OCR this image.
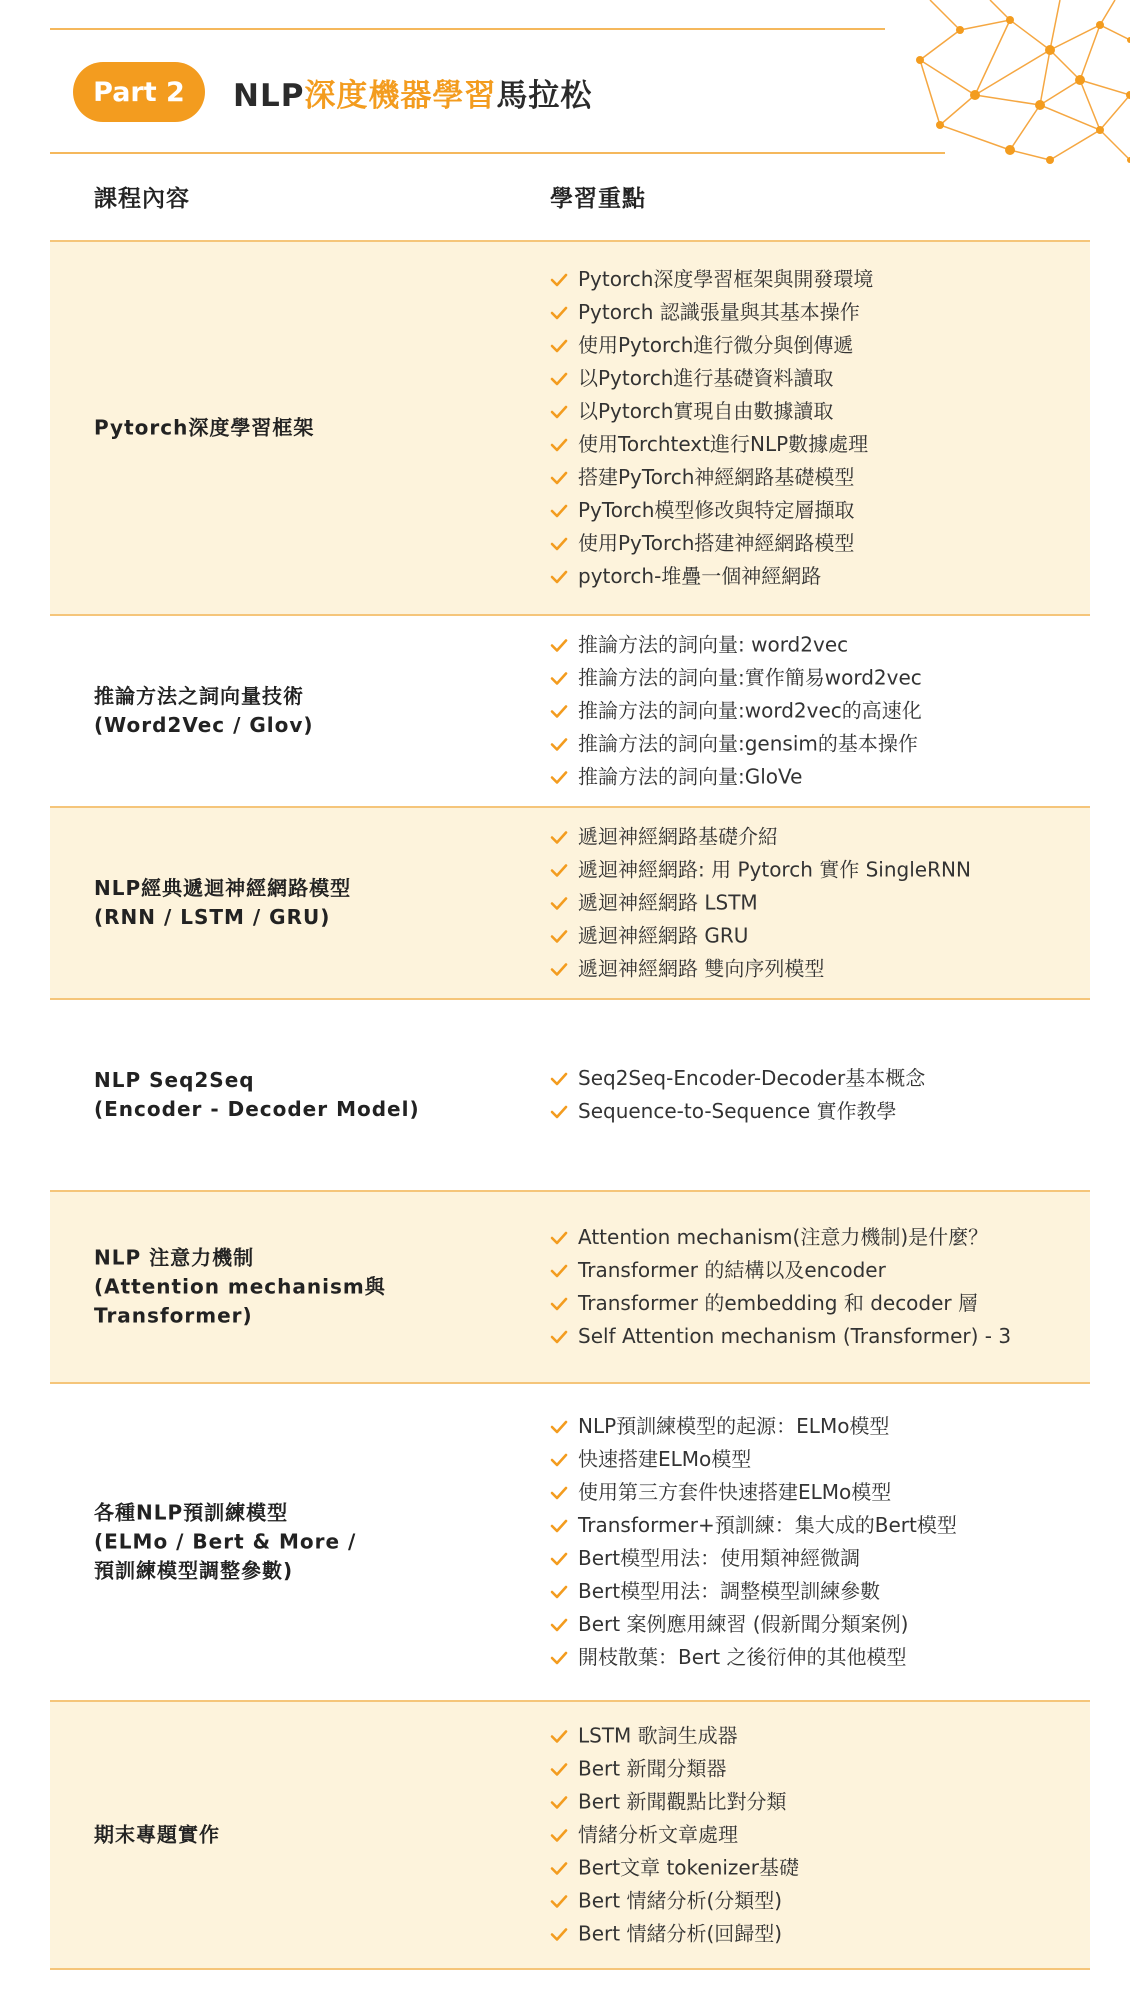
Part 2	NLP深度機器學習馬拉松
課程內容	學習重點
Pytorch深度學習框架
Pytorch深度學習框架與開發環境
Pytorch 認識張量與其基本操作
使用Pytorch進行微分與倒傳遞
以Pytorch進行基礎資料讀取
以Pytorch實現自由數據讀取
使用Torchtext進行NLP數據處理
搭建PyTorch神經網路基礎模型
PyTorch模型修改與特定層擷取
使用PyTorch搭建神經網路模型
pytorch-堆疊一個神經網路
推論方法之詞向量技術
(Word2Vec / Glov)
推論方法的詞向量: word2vec
推論方法的詞向量:實作簡易word2vec
推論方法的詞向量:word2vec的高速化
推論方法的詞向量:gensim的基本操作
推論方法的詞向量:GloVe
NLP經典遞迴神經網路模型
(RNN / LSTM / GRU)
遞迴神經網路基礎介紹
遞迴神經網路: 用 Pytorch 實作 SingleRNN
遞迴神經網路 LSTM
遞迴神經網路 GRU
遞迴神經網路 雙向序列模型
NLP Seq2Seq
(Encoder - Decoder Model)
Seq2Seq-Encoder-Decoder基本概念
Sequence-to-Sequence 實作教學
NLP 注意力機制
(Attention mechanism與
Transformer)
Attention mechanism(注意力機制)是什麼？
Transformer 的結構以及encoder
Transformer 的embedding 和 decoder 層
Self Attention mechanism (Transformer) - 3
各種NLP預訓練模型
(ELMo / Bert & More /
預訓練模型調整參數)
NLP預訓練模型的起源：ELMo模型
快速搭建ELMo模型
使用第三方套件快速搭建ELMo模型
Transformer+預訓練：集大成的Bert模型
Bert模型用法：使用類神經微調
Bert模型用法：調整模型訓練參數
Bert 案例應用練習 (假新聞分類案例)
開枝散葉：Bert 之後衍伸的其他模型
期末專題實作
LSTM 歌詞生成器
Bert 新聞分類器
Bert 新聞觀點比對分類
情緒分析文章處理
Bert文章 tokenizer基礎
Bert 情緒分析(分類型)
Bert 情緒分析(回歸型)
